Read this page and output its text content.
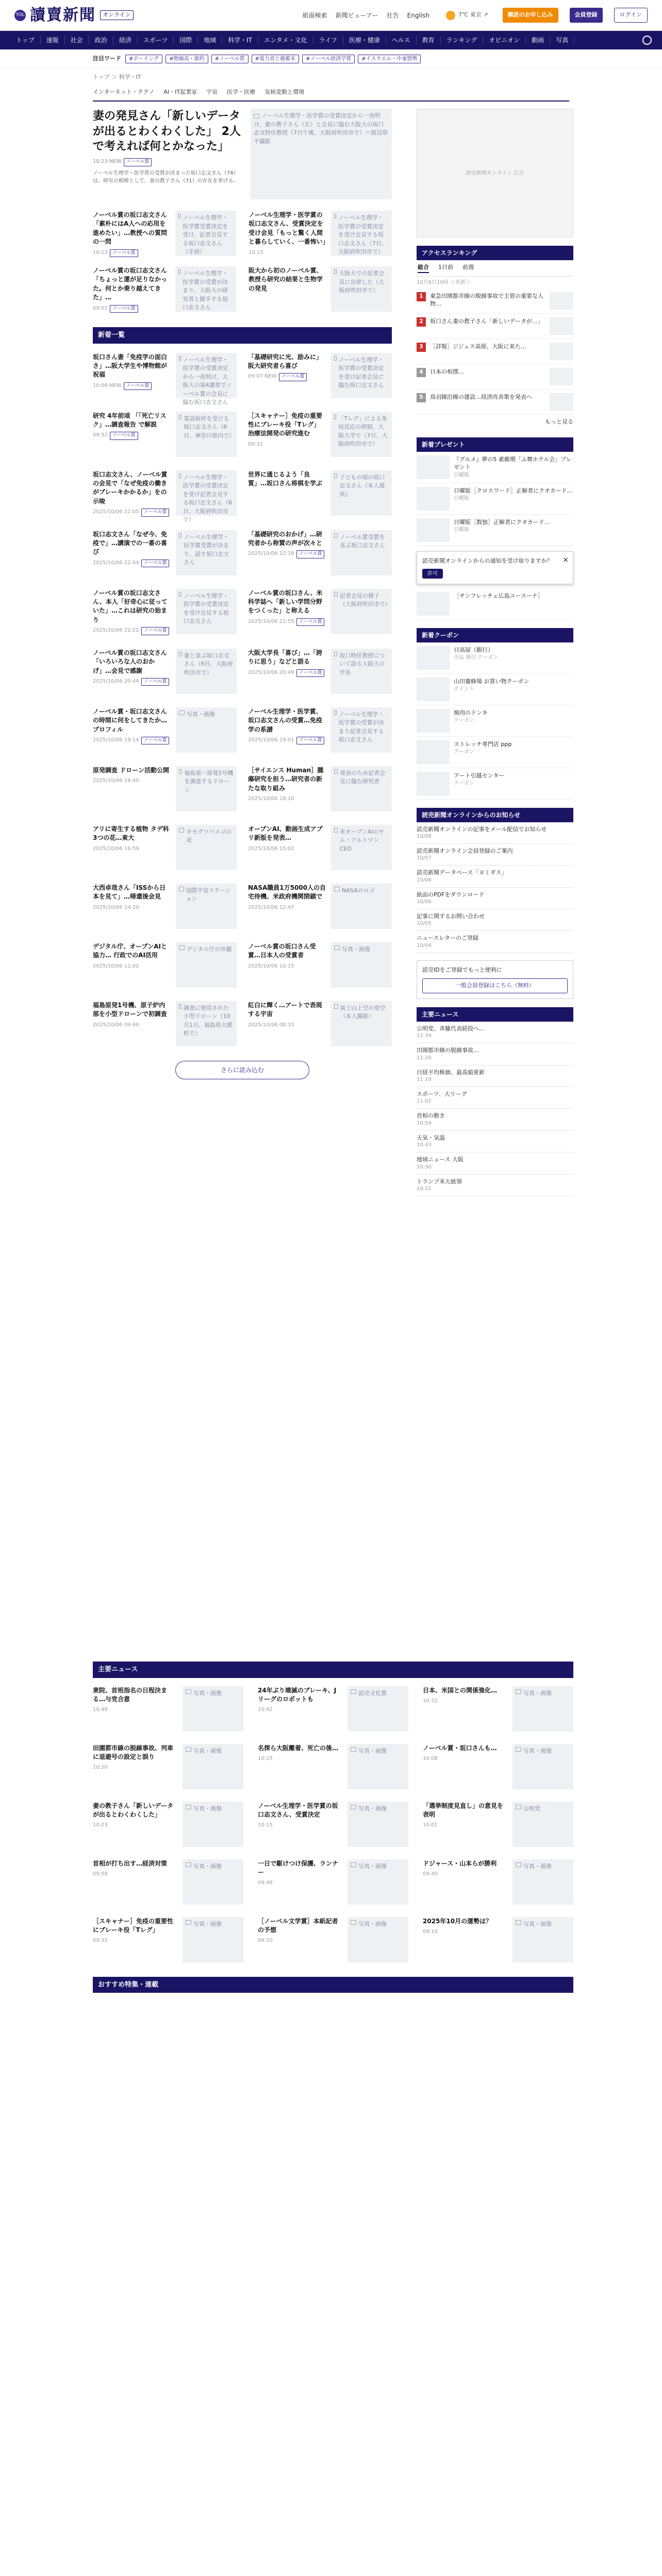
YOL 讀賣新聞	オンライン	紙面検索 新聞ビューアー 社告 English	7℃ 東京 ↗	購読のお申し込み	会員登録	ログイン
トップ	速報	社会	政治	経済	スポーツ	国際	地域	科学・IT	エンタメ・文化	ライフ	医療・健康	ヘルス	教育	ランキング	オピニオン	動画	写真
注目ワード	#ボーイング	#物価高・節約	#ノーベル賞	#電力省と備蓄米	#ノーベル経済学賞	#イスラエル・中東情勢
トップ ＞ 科学・IT
インターネット・テクノ AI・IT起業家 宇宙 医学・医療 気候変動と環境
妻の発見さん「新しいデータが出るとわくわくした」 2人で考えれば何とかなった」
10:23 NEW ノーベル賞
ノーベル生理学・医学賞の受賞が決まった坂口志文さん（74）は、研究の相棒として、妻の教子さん（71）の存在を挙げる。
ノーベル生理学・医学賞の受賞決定から一夜明け、妻の教子さん（左）と会見に臨む大阪大の坂口志文特任教授（7日午後、大阪府吹田市で）＝渡辺恭平撮影
ノーベル賞の坂口志文さん「素朴にはA人への応用を進めたい」…教授への質問の一問
10:13 ノーベル賞
ノーベル生理学・医学賞受賞決定を受け、記者会見する坂口志文さん（手前）
ノーベル生理学・医学賞の坂口志文さん、受賞決定を受け会見「もっと驚く人間と暮らしていく、一番怖い」
10:15
ノーベル生理学・医学賞の受賞決定を受け会見する坂口志文さん（7日、大阪府吹田市で）
ノーベル賞の坂口志文さん「ちょっと運が足りなかった。何とか乗り越えてきた」…
09:52 ノーベル賞
ノーベル生理学・医学賞の受賞が決まり、大阪大の研究者と握手する坂口志文さん
阪大から初のノーベル賞、教授ら研究の結果と生物学の発見
大阪大での記者会見に出席した（大阪府吹田市で）
新着一覧
坂口さん妻「免疫学の面白さ」…阪大学生や博物館が祝福
10:08 NEW ノーベル賞
ノーベル生理学・医学賞の受賞決定から一夜明け、大阪大の第4講堂でノーベル賞の会見に臨む坂口志文さん
「基礎研究に光、励みに」 阪大研究者ら喜び
09:07 NEW ノーベル賞
ノーベル生理学・医学賞の受賞決定を受け記者会見に臨む坂口志文さん
研究 4年前頃 「「死亡リスク」…調査報告 で解説
09:52 ノーベル賞
電話取材を受ける坂口志文さん（6日、神奈川県内で）
［スキャナー］免疫の重要性にブレーキ役「Tレグ」治療法開発の研究進む
09:31
「Tレグ」による免疫反応の抑制、大阪大学で（7日、大阪府吹田市で）
坂口志文さん、ノーベル賞の会見で「なぜ免疫の働きがブレーキかかるか」をの示唆
2025/10/06 22:05 ノーベル賞
ノーベル生理学・医学賞の受賞決定を受け記者会見する坂口志文さん（6日、大阪府吹田市で）
世界に通じるよう「良質」…坂口さん将棋を学ぶ
子どもの頃の坂口志文さん（本人提供）
坂口志文さん「なぜ今、免疫で」…講演での一番の喜び
2025/10/06 22:04 ノーベル賞
ノーベル生理学・医学賞受賞が決まり、話す坂口志文さん
「基礎研究のおかげ」…研究者から称賛の声が次々と
2025/10/06 22:18 ノーベル賞
ノーベル賞受賞を喜ぶ坂口志文さん
ノーベル賞の坂口志文さん、本人「好奇心に従っていた」…これは研究の始まり
2025/10/06 22:22 ノーベル賞
ノーベル生理学・医学賞の受賞決定を受け会見する坂口志文さん
ノーベル賞の坂口さん、米科学誌へ「新しい学問分野をつくった」と称える
2025/10/06 21:55 ノーベル賞
記者会見の様子（大阪府吹田市で）
ノーベル賞の坂口志文さん「いろいろな人のおかげ」…会見で感謝
2025/10/06 20:44 ノーベル賞
妻と並ぶ坂口志文さん（6日、大阪府吹田市で）
大阪大学長「喜び」…「誇りに思う」などと語る
2025/10/06 20:49 ノーベル賞
坂口特任教授について語る大阪大の学長
ノーベル賞・坂口志文さんの時間に何をしてきたか…プロフィル
2025/10/06 19:14 ノーベル賞
写真・画像	ノーベル生理学・医学賞、坂口志文さんの受賞…免疫学の系譜
2025/10/06 19:01 ノーベル賞
ノーベル生理学・医学賞の受賞が決まり記者会見する坂口志文さん
原発調査 ドローン活動公開
2025/10/06 18:40
福島第一原発1号機を調査するドローン
［サイエンス Human］腫瘍研究を担う…研究者の新たな取り組み
2025/10/06 18:10
発表のため記者会見に臨む研究者
アリに寄生する植物 タデ科3つの花…東大
2025/10/06 16:59
キセグツバメゴの花
オープンAI、動画生成アプリ新版を発表…
2025/10/06 15:02
米オープンAIのサム・アルトマンCEO
大西卓哉さん「ISSから日本を見て」…帰還後会見
2025/10/06 14:20
国際宇宙ステーション
NASA職員1万5000人の自宅待機、米政府機関閉鎖で
2025/10/06 12:47
NASAのロゴ
デジタル庁、オープンAIと協力… 行政でのAI活用
2025/10/06 11:02
デジタル庁の外観	ノーベル賞の坂口さん受賞…日本人の受賞者
2025/10/06 10:15
写真・画像
福島原発1号機、原子炉内部を小型ドローンで初調査
2025/10/06 09:40
調査に使用された小型ドローン（10月1日、福島県大熊町で）
紅白に輝く…アートで表現する宇宙
2025/10/06 08:33
富士山上空の星空（本人撮影）
さらに読み込む
読売新聞オンライン 広告
アクセスランキング
総合 1日前 前週
10月8日10時 ＜更新＞
1	東急田園都市線の脱線事故で主管の重要な人物…
2	坂口さん妻の教子さん「新しいデータが…」
3	［詳報］ジジェス高原、大阪に来た…
4	日本の相撲…
5	鳥羽線沿線の建設…経済改善策を発表へ
もっと見る
新着プレゼント
『グルメ』夢の5 素敵期「ふ舞ホテル会」プレゼント
日曜版
日曜版［クロスワード］正解者にクオカード…
日曜版
日曜版［数独］正解者にクオカード…
日曜版
×
読売新聞オンラインからの通知を受け取りますか？
許可
［サンフレッチェ広島ユースーナ］
新着クーポン
日高屋（銀行）
全品 割引 クーポン
山田養蜂場 お買い物クーポン
ポイント
焼肉のドンキ
クーポン
ストレッチ専門店 ppp
クーポン
アート引越センター
クーポン
読売新聞オンラインからのお知らせ
読売新聞オンラインの記事をメール配信でお知らせ
10/08
読売新聞オンライン会員登録のご案内
10/07
読売新聞データベース「ヨミダス」
10/06
紙面のPDFをダウンロード
10/06
記事に関するお問い合わせ
10/05
ニュースレターのご登録
10/04
読売IDをご登録でもっと便利に
一般会員登録はこちら（無料）
主要ニュース
公明党、斉藤代表続投へ…
11:34
田園都市線の脱線事故…
11:20
日経平均株価、最高値更新
11:10
スポーツ、大リーグ
11:02
首相の動き
10:54
天気・気温
10:43
地域ニュース 大阪
10:30
トランプ米大統領
10:21
主要ニュース
衆院、首班指名の日程決まる…与党合意
10:48
写真・画像	24年ぶり壊滅のブレーキ、Jリーグのロボットも
10:42
読売文化賞	日本、米国との関係強化…
10:32
写真・画像
田園都市線の脱線事故、列車に退避号の設定と誤り
10:20
写真・画像	名探ら大阪離着、死亡の後…
10:15
写真・画像	ノーベル賞・坂口さんも…
10:08
写真・画像
妻の教子さん「新しいデータが出るとわくわくした」
10:23
写真・画像	ノーベル生理学・医学賞の坂口志文さん、受賞決定
10:15
写真・画像	「選挙制度見直し」の意見を表明
10:01
公明党
首相が打ち出す…経済対策
09:58
写真・画像	一日で駆けつけ保護、ランナー
09:48
写真・画像	ドジャース・山本らが勝利
09:40
写真・画像
［スキャナー］免疫の重要性にブレーキ役「Tレグ」
09:31
写真・画像	［ノーベル文学賞］本紙記者の予想
09:20
写真・画像	2025年10月の運勢は？
09:10
写真・画像
おすすめ特集・連載
